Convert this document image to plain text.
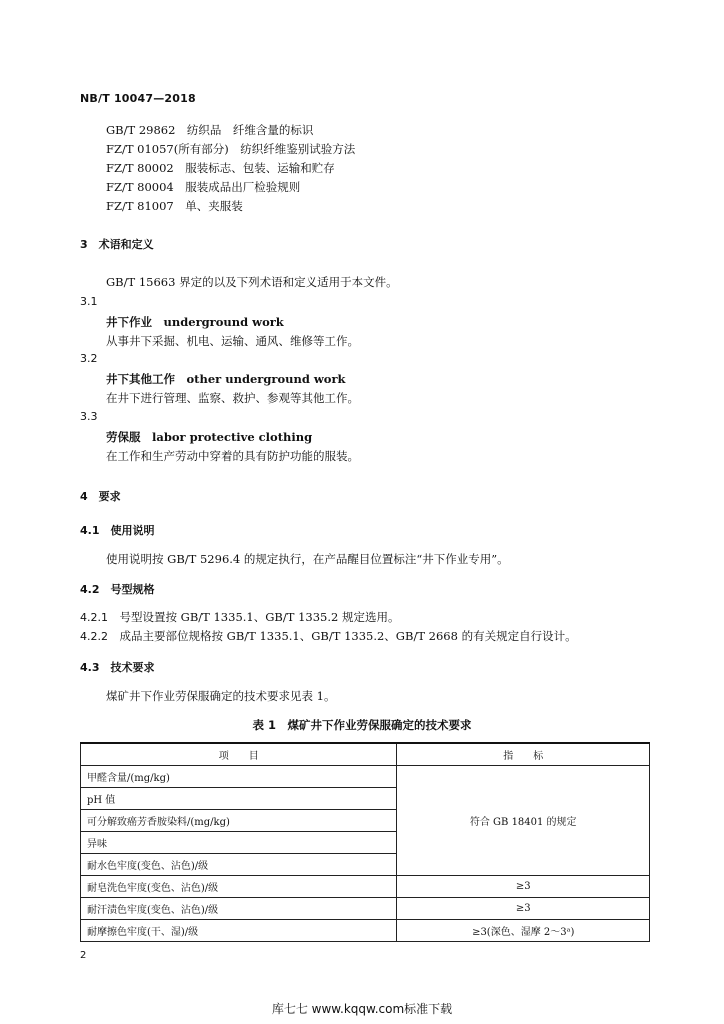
NB/T 10047—2018
GB/T 29862　 纺织品　纤维含量的标识
FZ/T 01057(所有部分)　 纺织纤维鉴别试验方法
FZ/T 80002　 服装标志、包装、运输和贮存
FZ/T 80004　 服装成品出厂检验规则
FZ/T 81007　 单、夹服装
3　 术语和定义
GB/T 15663 界定的以及下列术语和定义适用于本文件。
3.1
井下作业　 underground work
从事井下采掘、机电、运输、通风、维修等工作。
3.2
井下其他工作　 other underground work
在井下进行管理、监察、救护、参观等其他工作。
3.3
劳保服　 labor protective clothing
在工作和生产劳动中穿着的具有防护功能的服装。
4　 要求
4.1　 使用说明
使用说明按 GB/T 5296.4 的规定执行，在产品醒目位置标注“井下作业专用”。
4.2　 号型规格
4.2.1　 号型设置按 GB/T 1335.1、GB/T 1335.2 规定选用。
4.2.2　 成品主要部位规格按 GB/T 1335.1、GB/T 1335.2、GB/T 2668 的有关规定自行设计。
4.3　 技术要求
煤矿井下作业劳保服确定的技术要求见表 1。
表 1　煤矿井下作业劳保服确定的技术要求
项　　目	指　　标
甲醛含量/(mg/kg)	符合 GB 18401 的规定
pH 值	
可分解致癌芳香胺染料/(mg/kg)	
异味	
耐水色牢度(变色、沾色)/级	
耐皂洗色牢度(变色、沾色)/级	≥3
耐汗渍色牢度(变色、沾色)/级	≥3
耐摩擦色牢度(干、湿)/级	≥3(深色、湿摩 2～3ᵃ)
2
库七七 www.kqqw.com标准下载
